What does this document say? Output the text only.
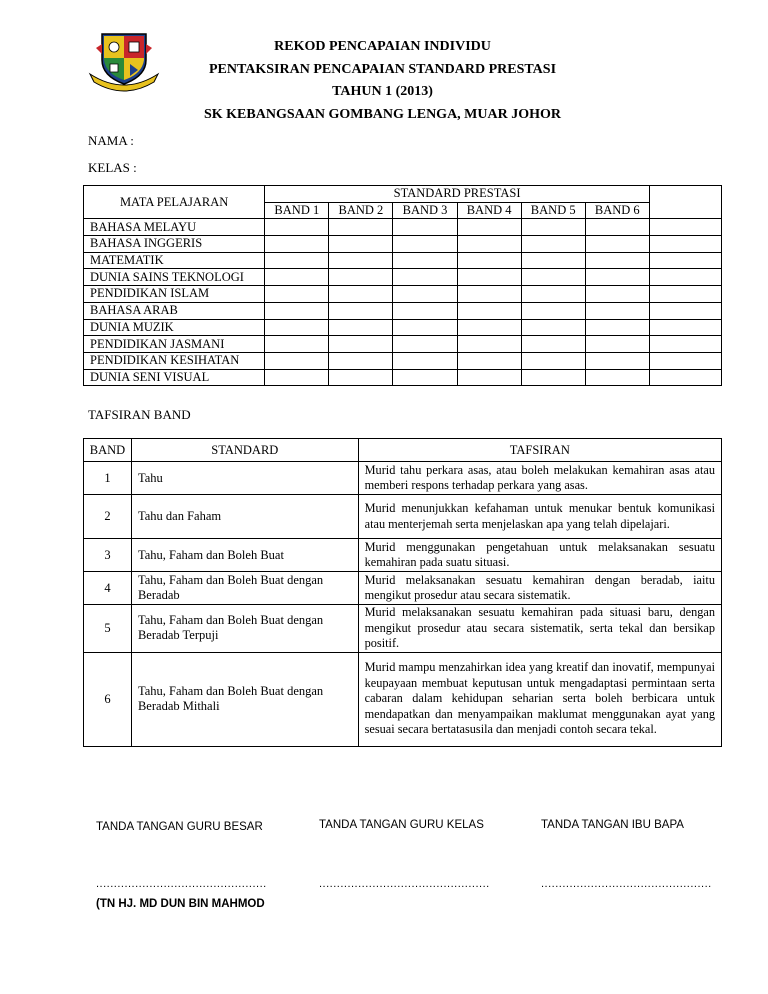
REKOD PENCAPAIAN INDIVIDU
PENTAKSIRAN PENCAPAIAN STANDARD PRESTASI
TAHUN 1 (2013)
SK KEBANGSAAN GOMBANG LENGA, MUAR JOHOR
NAMA :
KELAS :
MATA PELAJARAN	STANDARD PRESTASI						
	BAND 1	BAND 2	BAND 3	BAND 4	BAND 5	BAND 6	
BAHASA MELAYU							
BAHASA INGGERIS							
MATEMATIK							
DUNIA SAINS TEKNOLOGI							
PENDIDIKAN ISLAM							
BAHASA ARAB							
DUNIA MUZIK							
PENDIDIKAN JASMANI							
PENDIDIKAN KESIHATAN							
DUNIA SENI VISUAL							
TAFSIRAN BAND
BAND	STANDARD	TAFSIRAN
1	Tahu	Murid tahu perkara asas, atau boleh melakukan kemahiran asas atau memberi respons terhadap perkara yang asas.
2	Tahu dan Faham	Murid menunjukkan kefahaman untuk menukar bentuk komunikasi atau menterjemah serta menjelaskan apa yang telah dipelajari.
3	Tahu, Faham dan Boleh Buat	Murid menggunakan pengetahuan untuk melaksanakan sesuatu kemahiran pada suatu situasi.
4	Tahu, Faham dan Boleh Buat dengan Beradab	Murid melaksanakan sesuatu kemahiran dengan beradab, iaitu mengikut prosedur atau secara sistematik.
5	Tahu, Faham dan Boleh Buat dengan Beradab Terpuji	Murid melaksanakan sesuatu kemahiran pada situasi baru, dengan mengikut prosedur atau secara sistematik, serta tekal dan bersikap positif.
6	Tahu, Faham dan Boleh Buat dengan Beradab Mithali	Murid mampu menzahirkan idea yang kreatif dan inovatif, mempunyai keupayaan membuat keputusan untuk mengadaptasi permintaan serta cabaran dalam kehidupan seharian serta boleh berbicara untuk mendapatkan dan menyampaikan maklumat menggunakan ayat yang sesuai secara bertatasusila dan menjadi contoh secara tekal.
TANDA TANGAN GURU BESAR	TANDA TANGAN GURU KELAS	TANDA TANGAN IBU BAPA
................................................	................................................	................................................
(TN HJ. MD DUN BIN MAHMOD
